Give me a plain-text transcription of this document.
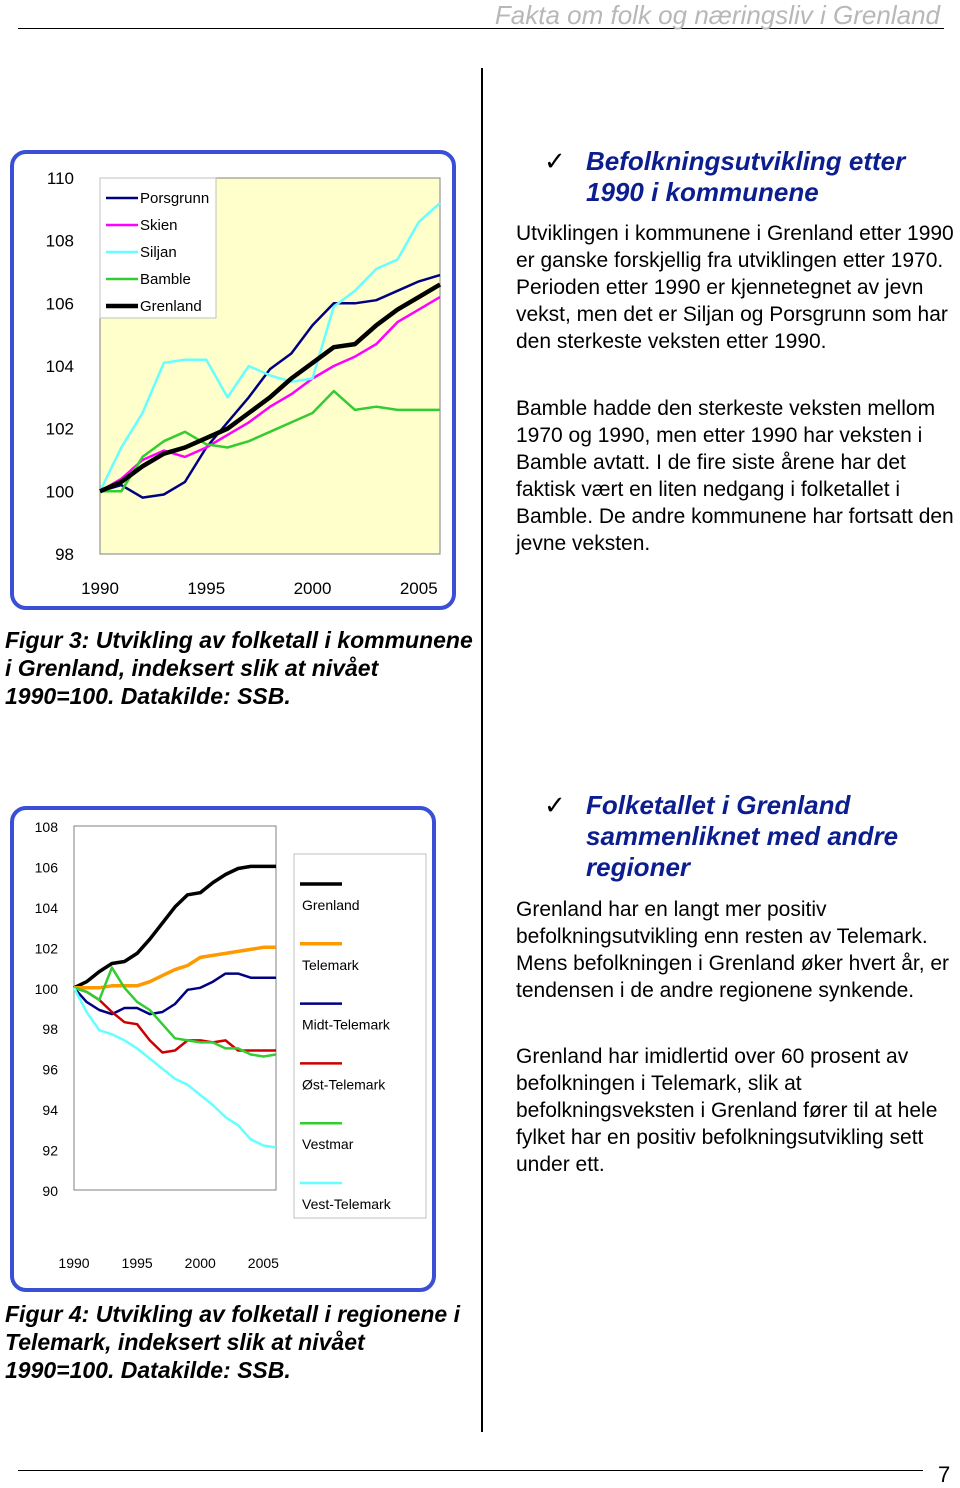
Fakta om folk og næringsliv i Grenland
98
100
102
104
106
108
110
1990	1995	2000	2005
Porsgrunn
Skien
Siljan
Bamble
Grenland
Figur 3: Utvikling av folketall i kommunene i Grenland, indeksert slik at nivået 1990=100. Datakilde: SSB.
90
92
94
96
98
100
102
104
106
108
1990 1995 2000 2005
Grenland
Telemark
Midt-Telemark
Øst-Telemark
Vestmar
Vest-Telemark
Figur 4: Utvikling av folketall i regionene i Telemark, indeksert slik at nivået 1990=100. Datakilde: SSB.
✓ Befolkningsutvikling etter 1990 i kommunene

Utviklingen i kommunene i Grenland etter 1990 er ganske forskjellig fra utviklingen etter 1970. Perioden etter 1990 er kjennetegnet av jevn vekst, men det er Siljan og Porsgrunn som har den sterkeste veksten etter 1990.

Bamble hadde den sterkeste veksten mellom 1970 og 1990, men etter 1990 har veksten i Bamble avtatt. I de fire siste årene har det faktisk vært en liten nedgang i folketallet i Bamble. De andre kommunene har fortsatt den jevne veksten.

✓ Folketallet i Grenland sammenliknet med andre regioner

Grenland har en langt mer positiv befolkningsutvikling enn resten av Telemark. Mens befolkningen i Grenland øker hvert år, er tendensen i de andre regionene synkende.

Grenland har imidlertid over 60 prosent av befolkningen i Telemark, slik at befolkningsveksten i Grenland fører til at hele fylket har en positiv befolkningsutvikling sett under ett.

7
